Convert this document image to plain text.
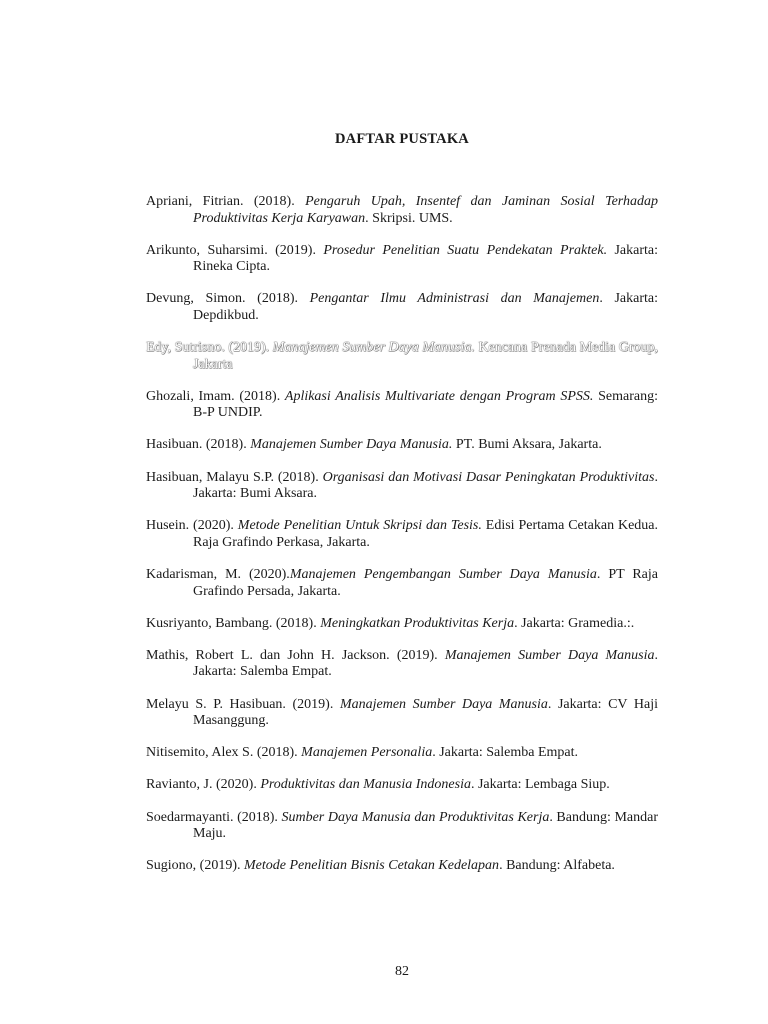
DAFTAR PUSTAKA

Apriani, Fitrian. (2018). Pengaruh Upah, Insentef dan Jaminan Sosial Terhadap Produktivitas Kerja Karyawan. Skripsi. UMS.

Arikunto, Suharsimi. (2019). Prosedur Penelitian Suatu Pendekatan Praktek. Jakarta: Rineka Cipta.

Devung, Simon. (2018). Pengantar Ilmu Administrasi dan Manajemen. Jakarta: Depdikbud.

Edy, Sutrisno. (2019). Manajemen Sumber Daya Manusia. Kencana Prenada Media Group, Jakarta

Ghozali, Imam. (2018). Aplikasi Analisis Multivariate dengan Program SPSS. Semarang: B-P UNDIP.

Hasibuan. (2018). Manajemen Sumber Daya Manusia. PT. Bumi Aksara, Jakarta.

Hasibuan, Malayu S.P. (2018). Organisasi dan Motivasi Dasar Peningkatan Produktivitas. Jakarta: Bumi Aksara.

Husein. (2020). Metode Penelitian Untuk Skripsi dan Tesis. Edisi Pertama Cetakan Kedua. Raja Grafindo Perkasa, Jakarta.

Kadarisman, M. (2020).Manajemen Pengembangan Sumber Daya Manusia. PT Raja Grafindo Persada, Jakarta.

Kusriyanto, Bambang. (2018). Meningkatkan Produktivitas Kerja. Jakarta: Gramedia.:.

Mathis, Robert L. dan John H. Jackson. (2019). Manajemen Sumber Daya Manusia. Jakarta: Salemba Empat.

Melayu S. P. Hasibuan. (2019). Manajemen Sumber Daya Manusia. Jakarta: CV Haji Masanggung.

Nitisemito, Alex S. (2018). Manajemen Personalia. Jakarta: Salemba Empat.

Ravianto, J. (2020). Produktivitas dan Manusia Indonesia. Jakarta: Lembaga Siup.

Soedarmayanti. (2018). Sumber Daya Manusia dan Produktivitas Kerja. Bandung: Mandar Maju.

Sugiono, (2019). Metode Penelitian Bisnis Cetakan Kedelapan. Bandung: Alfabeta.

82
